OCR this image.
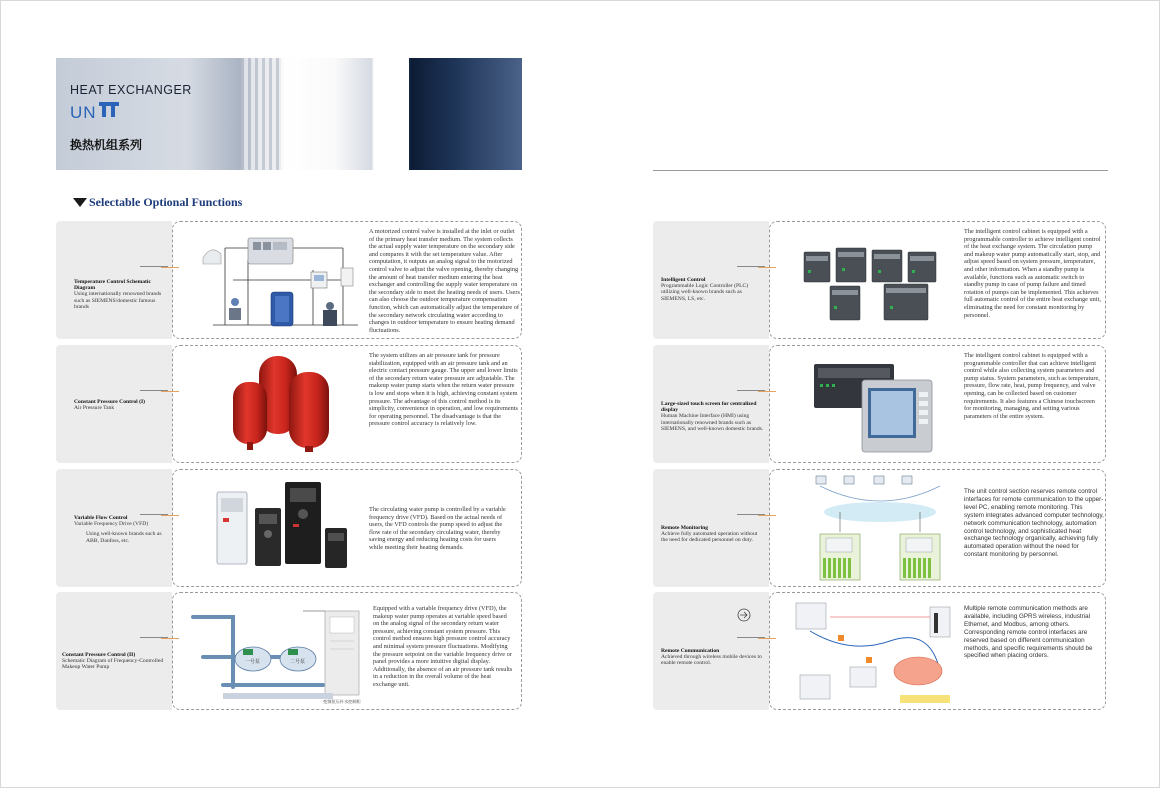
HEAT EXCHANGER
UN
换热机组系列
Selectable Optional Functions
Temperature Control Schematic Diagram
Using internationally renowned brands such as SIEMENS/domestic famous brands
A motorized control valve is installed at the inlet or outlet of the primary heat transfer medium. The system collects the actual supply water temperature on the secondary side and compares it with the set temperature value. After computation, it outputs an analog signal to the motorized control valve to adjust the valve opening, thereby changing the amount of heat transfer medium entering the heat exchanger and controlling the supply water temperature on the secondary side to meet the heating needs of users. Users can also choose the outdoor temperature compensation function, which can automatically adjust the temperature of the secondary network circulating water according to changes in outdoor temperature to ensure heating demand fluctuations.
Constant Pressure Control (I)
Air Pressure Tank
The system utilizes an air pressure tank for pressure stabilization, equipped with an air pressure tank and an electric contact pressure gauge. The upper and lower limits of the secondary return water pressure are adjustable. The makeup water pump starts when the return water pressure is low and stops when it is high, achieving constant system pressure. The advantage of this control method is its simplicity, convenience in operation, and low requirements for operating personnel. The disadvantage is that the pressure control accuracy is relatively low.
Variable Flow Control
Variable Frequency Drive (VFD)

Using well-known brands such as ABB, Danfoss, etc.
The circulating water pump is controlled by a variable frequency drive (VFD). Based on the actual needs of users, the VFD controls the pump speed to adjust the flow rate of the secondary circulating water, thereby saving energy and reducing heating costs for users while meeting their heating demands.
Constant Pressure Control (II)
Schematic Diagram of Frequency-Controlled Makeup Water Pump
一号泵	二号泵
变频恒压补水控制柜
Equipped with a variable frequency drive (VFD), the makeup water pump operates at variable speed based on the analog signal of the secondary return water pressure, achieving constant system pressure. This control method ensures high pressure control accuracy and minimal system pressure fluctuations. Modifying the pressure setpoint on the variable frequency drive or panel provides a more intuitive digital display. Additionally, the absence of an air pressure tank results in a reduction in the overall volume of the heat exchange unit.
Intelligent Control
Programmable Logic Controller (PLC) utilizing well-known brands such as SIEMENS, LS, etc.
The intelligent control cabinet is equipped with a programmable controller to achieve intelligent control of the heat exchange system. The circulation pump and makeup water pump automatically start, stop, and adjust speed based on system pressure, temperature, and other information. When a standby pump is available, functions such as automatic switch to standby pump in case of pump failure and timed rotation of pumps can be implemented. This achieves full automatic control of the entire heat exchange unit, eliminating the need for constant monitoring by personnel.
Large-sized touch screen for centralized display
Human Machine Interface (HMI) using internationally renowned brands such as SIEMENS, and well-known domestic brands.
The intelligent control cabinet is equipped with a programmable controller that can achieve intelligent control while also collecting system parameters and pump status. System parameters, such as temperature, pressure, flow rate, heat, pump frequency, and valve opening, can be collected based on customer requirements. It also features a Chinese touchscreen for monitoring, managing, and setting various parameters of the entire system.
Remote Monitoring
Achieve fully automated operation without the need for dedicated personnel on duty.
The unit control section reserves remote control interfaces for remote communication to the upper-level PC, enabling remote monitoring. This system integrates advanced computer technology, network communication technology, automation control technology, and sophisticated heat exchange technology organically, achieving fully automated operation without the need for constant monitoring by personnel.
Remote Communication
Achieved through wireless mobile devices to enable remote control.
Multiple remote communication methods are available, including GPRS wireless, industrial Ethernet, and Modbus, among others. Corresponding remote control interfaces are reserved based on different communication methods, and specific requirements should be specified when placing orders.
